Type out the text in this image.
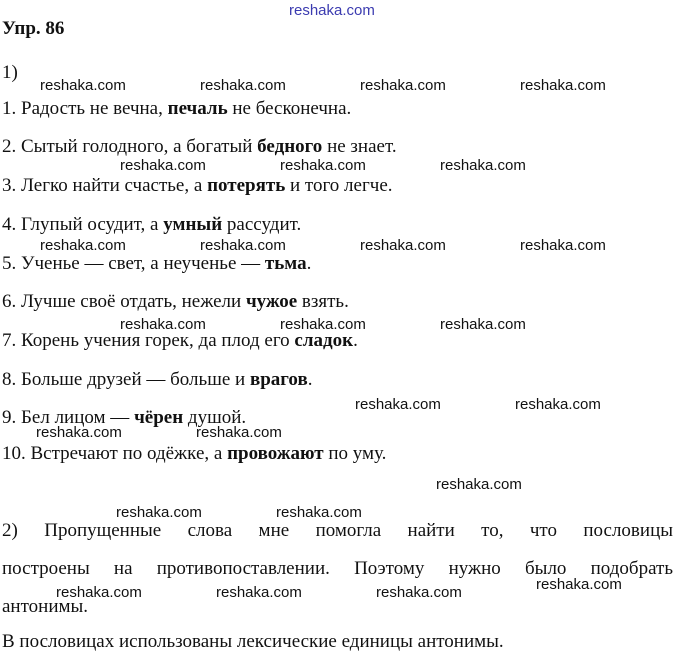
reshaka.com
Упр. 86
1)
reshaka.com	reshaka.com	reshaka.com	reshaka.com
1. Радость не вечна, печаль не бесконечна.
2. Сытый голодного, а богатый бедного не знает.
reshaka.com	reshaka.com	reshaka.com
3. Легко найти счастье, а потерять и того легче.
4. Глупый осудит, а умный рассудит.
reshaka.com	reshaka.com	reshaka.com	reshaka.com
5. Ученье — свет, а неученье — тьма.
6. Лучше своё отдать, нежели чужое взять.
reshaka.com	reshaka.com	reshaka.com
7. Корень учения горек, да плод его сладок.
8. Больше друзей — больше и врагов.
reshaka.com	reshaka.com
9. Бел лицом — чёрен душой.
reshaka.com	reshaka.com
10. Встречают по одёжке, а провожают по уму.
reshaka.com
reshaka.com	reshaka.com
2) Пропущенные слова мне помогла найти то, что пословицы
построены на противопоставлении. Поэтому нужно было подобрать
reshaka.com
reshaka.com	reshaka.com	reshaka.com
антонимы.
В пословицах использованы лексические единицы антонимы.
